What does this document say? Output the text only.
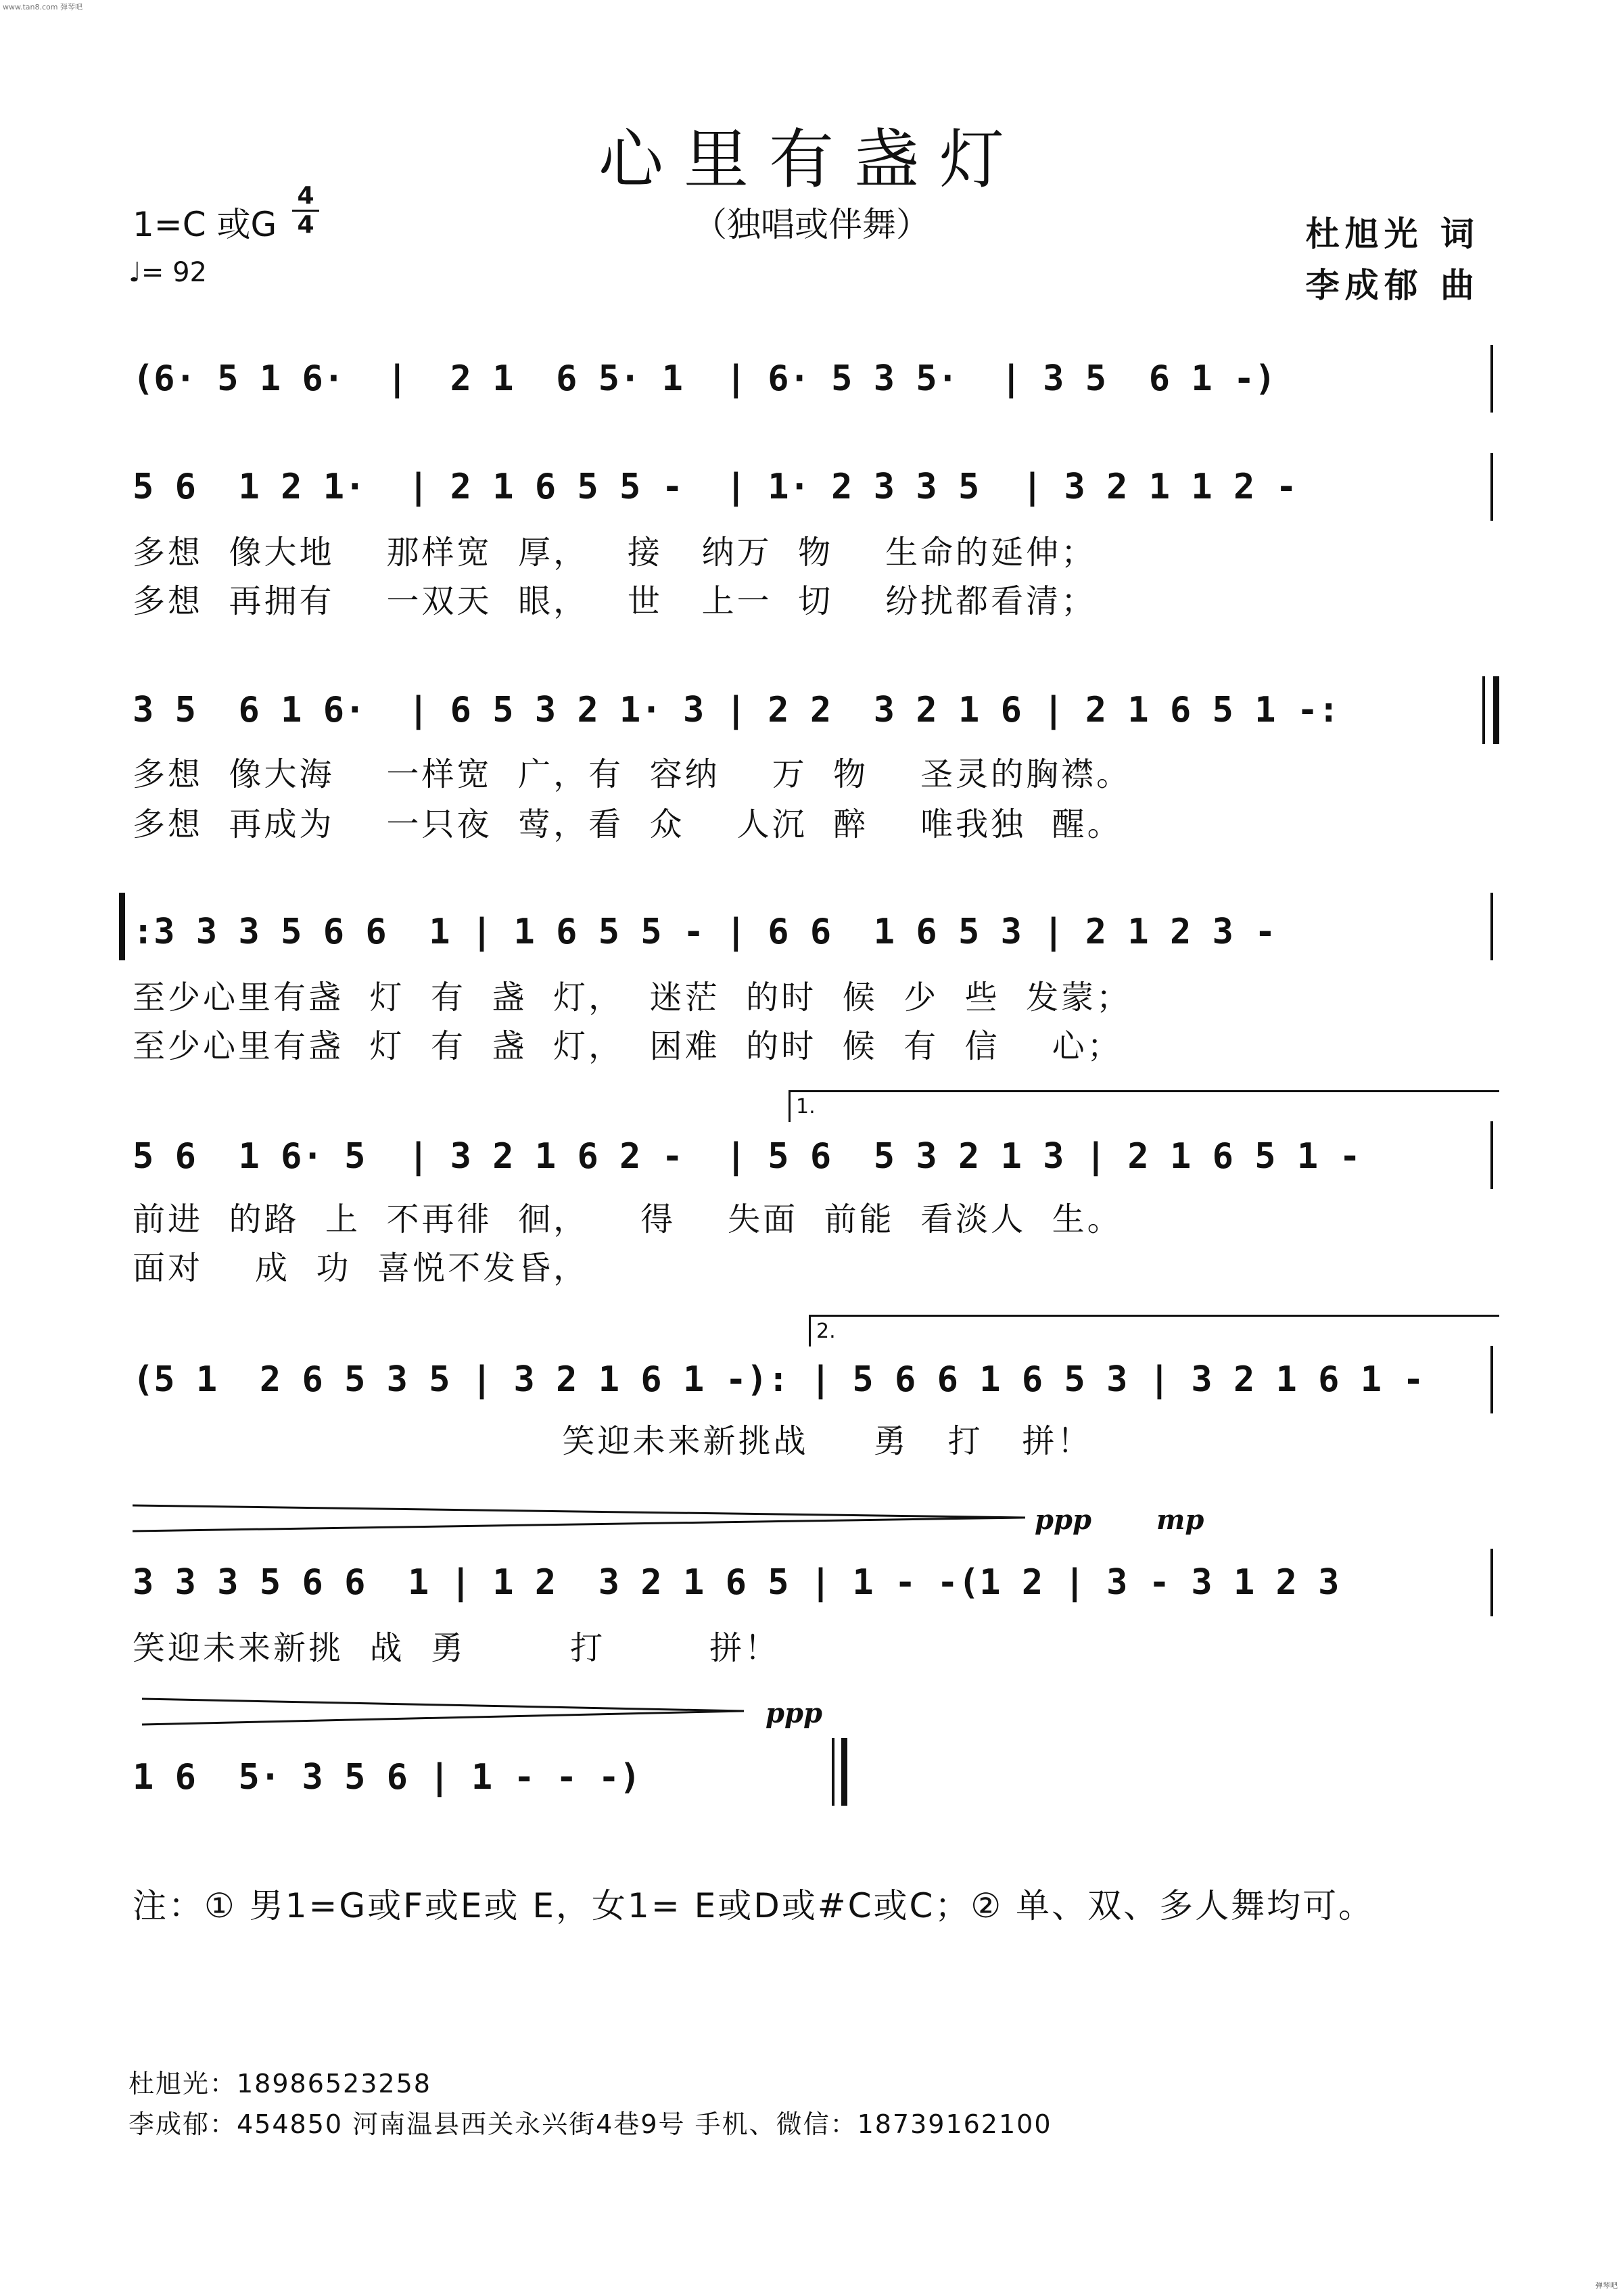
www.tan8.com 弹琴吧
心里有盏灯
（独唱或伴舞）
1=C 或G
4
4
♩= 92
杜旭光 词
李成郁 曲
(6· 5 1 6·  |  2 1  6 5· 1  | 6· 5 3 5·  | 3 5  6 1 -)
5 6  1 2 1·  | 2 1 6 5 5 -  | 1· 2 3 3 5  | 3 2 1 1 2 -
多想  像大地    那样宽  厚，   接   纳万  物    生命的延伸；
多想  再拥有    一双天  眼，   世   上一  切    纷扰都看清；
3 5  6 1 6·  | 6 5 3 2 1· 3 | 2 2  3 2 1 6 | 2 1 6 5 1 -:
多想  像大海    一样宽  广，有  容纳    万  物    圣灵的胸襟。
多想  再成为    一只夜  莺，看  众    人沉  醉    唯我独  醒。
:3 3 3 5 6 6  1 | 1 6 5 5 - | 6 6  1 6 5 3 | 2 1 2 3 -
至少心里有盏  灯  有  盏  灯，  迷茫  的时  候  少  些  发蒙；
至少心里有盏  灯  有  盏  灯，  困难  的时  候  有  信    心；
1.
5 6  1 6· 5  | 3 2 1 6 2 -  | 5 6  5 3 2 1 3 | 2 1 6 5 1 -
前进  的路  上  不再徘  徊，    得    失面  前能  看淡人  生。
面对    成  功  喜悦不发昏，
2.
(5 1  2 6 5 3 5 | 3 2 1 6 1 -): | 5 6 6 1 6 5 3 | 3 2 1 6 1 -
笑迎未来新挑战     勇   打   拼！
ppp mp
3 3 3 5 6 6  1 | 1 2  3 2 1 6 5 | 1 - -(1 2 | 3 - 3 1 2 3
笑迎未来新挑  战  勇        打        拼！
ppp
1 6  5· 3 5 6 | 1 - - -)
注：① 男1=G或F或E或 E，女1= E或D或#C或C；② 单、双、多人舞均可。
杜旭光：18986523258
李成郁：454850 河南温县西关永兴街4巷9号 手机、微信：18739162100
弹琴吧
